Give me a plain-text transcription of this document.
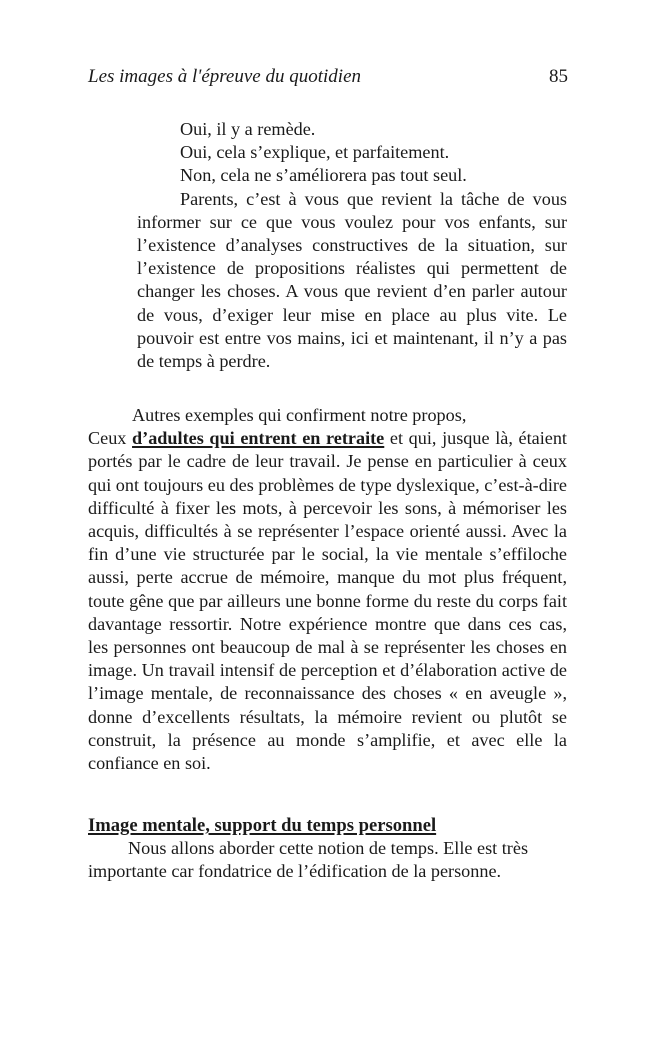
Les images à l'épreuve du quotidien	85
Oui, il y a remède.
Oui, cela s’explique, et parfaitement.
Non, cela ne s’améliorera pas tout seul.

Parents, c’est à vous que revient la tâche de vous informer sur ce que vous voulez pour vos enfants, sur l’existence d’analyses constructives de la situation, sur l’existence de propositions réalistes qui permettent de changer les choses. A vous que revient d’en parler autour de vous, d’exiger leur mise en place au plus vite. Le pouvoir est entre vos mains, ici et maintenant, il n’y a pas de temps à perdre.

Autres exemples qui confirment notre propos,

Ceux d’adultes qui entrent en retraite et qui, jusque là, étaient portés par le cadre de leur travail. Je pense en particulier à ceux qui ont toujours eu des problèmes de type dyslexique, c’est-à-dire difficulté à fixer les mots, à percevoir les sons, à mémoriser les acquis, difficultés à se représenter l’espace orienté aussi. Avec la fin d’une vie structurée par le social, la vie mentale s’effiloche aussi, perte accrue de mémoire, manque du mot plus fréquent, toute gêne que par ailleurs une bonne forme du reste du corps fait davantage ressortir. Notre expérience montre que dans ces cas, les personnes ont beaucoup de mal à se représenter les choses en image. Un travail intensif de perception et d’élaboration active de l’image mentale, de reconnaissance des choses « en aveugle », donne d’excellents résultats, la mémoire revient ou plutôt se construit, la présence au monde s’amplifie, et avec elle la confiance en soi.

Image mentale, support du temps personnel

Nous allons aborder cette notion de temps. Elle est très importante car fondatrice de l’édification de la personne.
